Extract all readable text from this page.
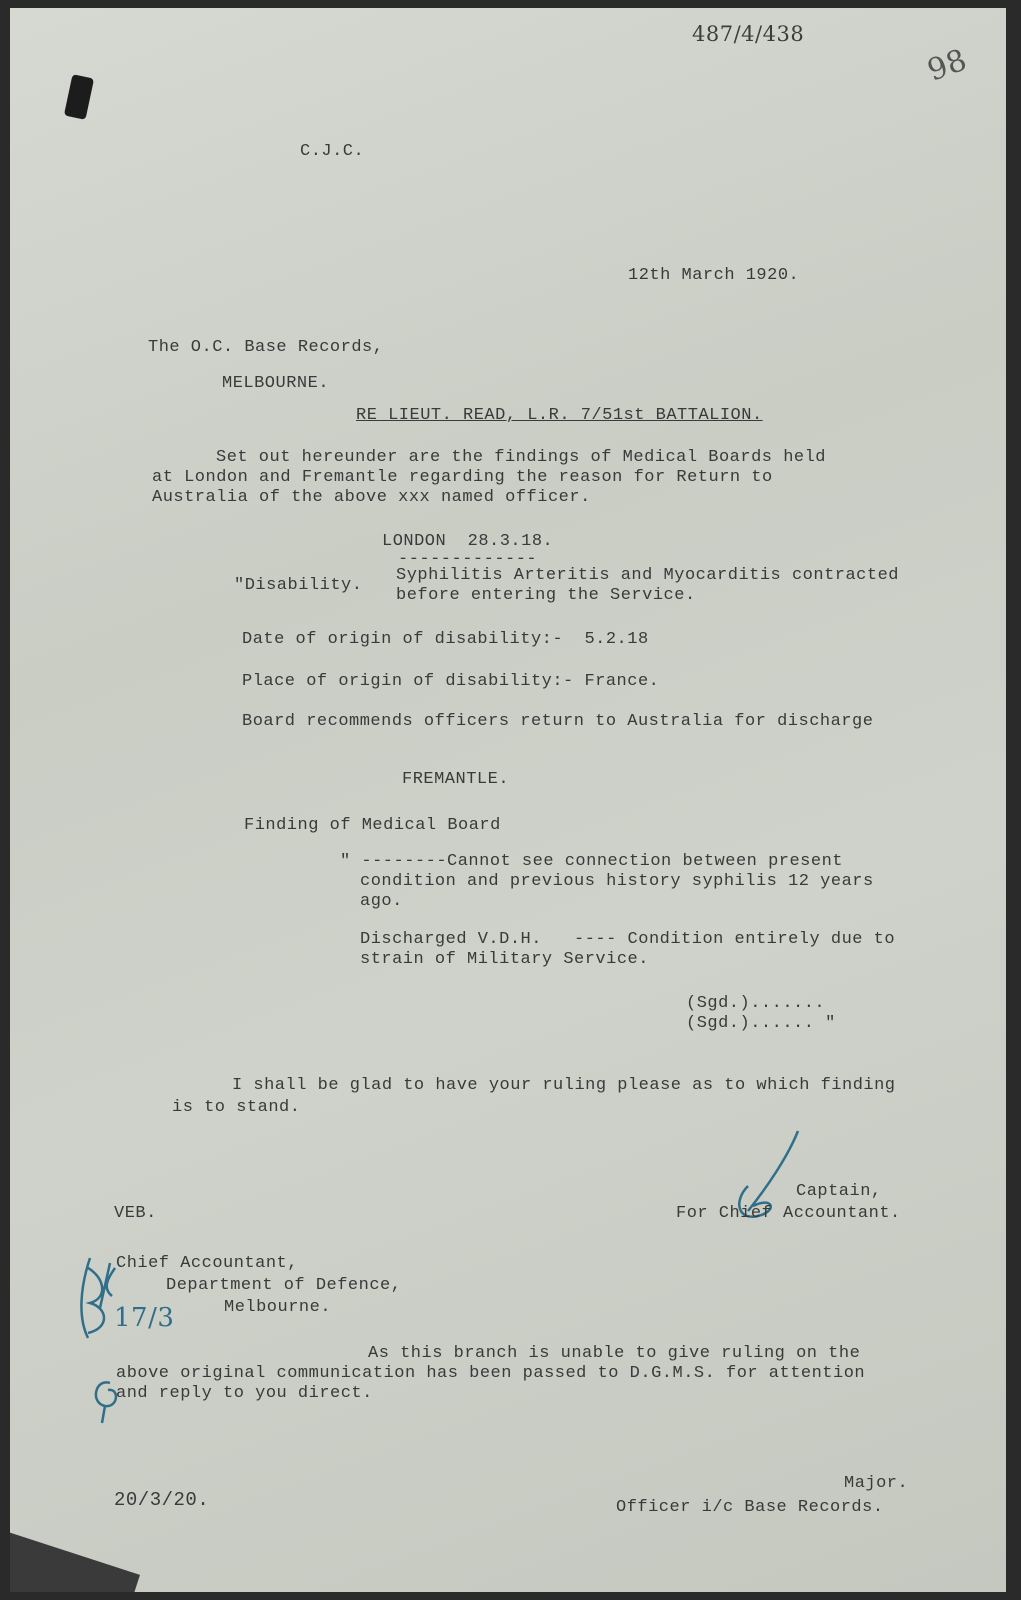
487/4/438
98
C.J.C.
12th March 1920.
The O.C. Base Records,
MELBOURNE.
RE LIEUT. READ, L.R. 7/51st BATTALION.
Set out hereunder are the findings of Medical Boards held
at London and Fremantle regarding the reason for Return to
Australia of the above xxx named officer.
LONDON  28.3.18.
-------------
"Disability.
Syphilitis Arteritis and Myocarditis contracted
before entering the Service.
Date of origin of disability:-  5.2.18
Place of origin of disability:- France.
Board recommends officers return to Australia for discharge
FREMANTLE.
Finding of Medical Board
" --------Cannot see connection between present
condition and previous history syphilis 12 years
ago.
Discharged V.D.H.   ---- Condition entirely due to
strain of Military Service.
(Sgd.).......
(Sgd.)...... "
I shall be glad to have your ruling please as to which finding
is to stand.
Captain,
For Chief Accountant.
VEB.
17/3
Chief Accountant,
Department of Defence,
Melbourne.
As this branch is unable to give ruling on the
above original communication has been passed to D.G.M.S. for attention
and reply to you direct.
20/3/20.
Major.
Officer i/c Base Records.
